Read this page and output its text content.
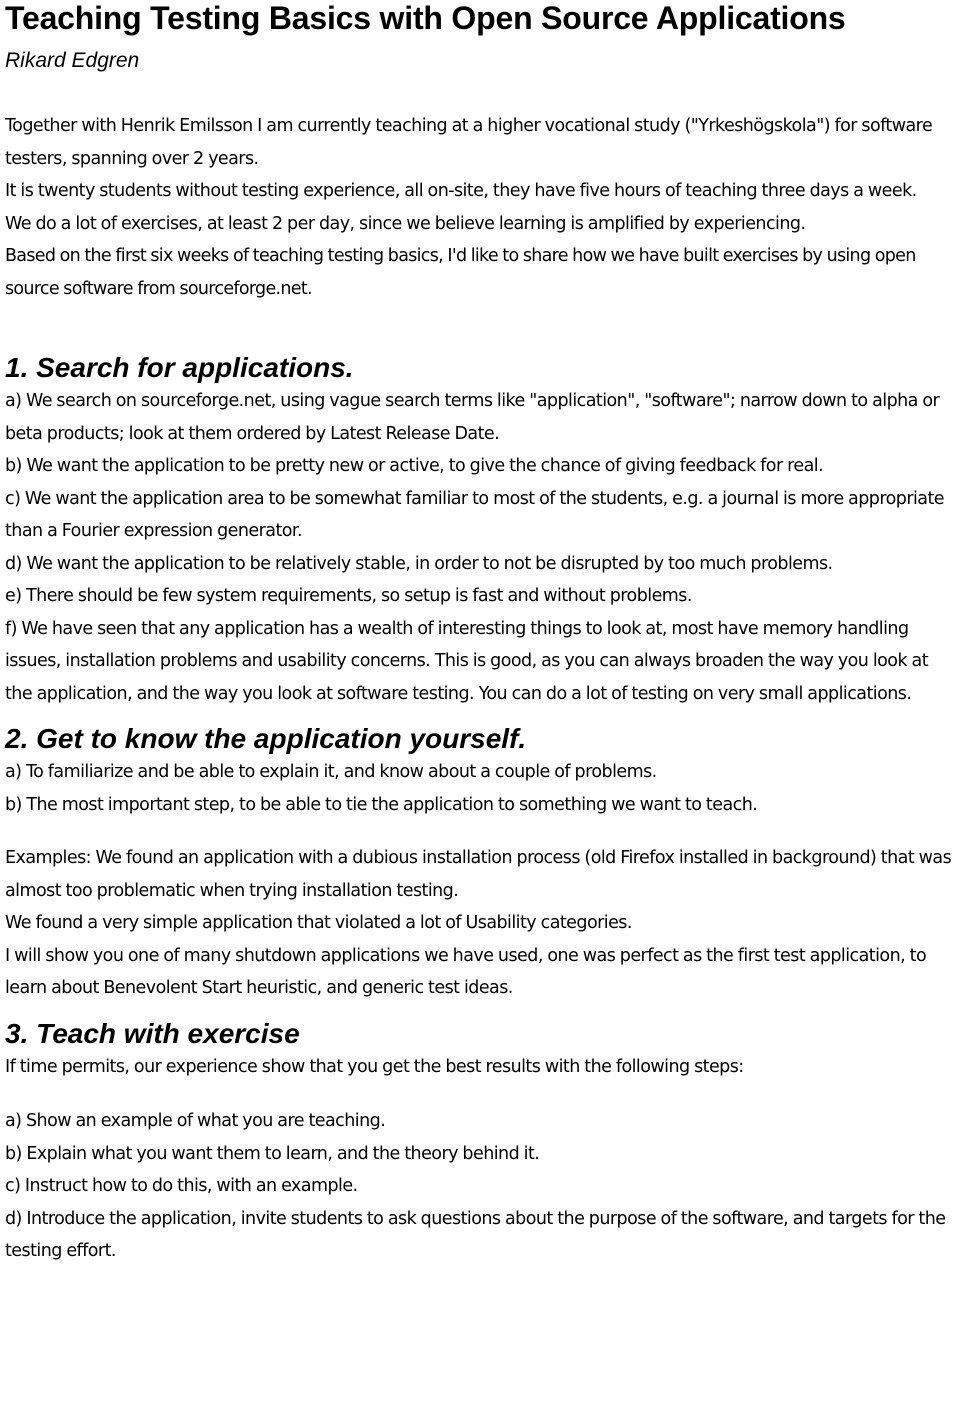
Teaching Testing Basics with Open Source Applications
Rikard Edgren

Together with Henrik Emilsson I am currently teaching at a higher vocational study ("Yrkeshögskola") for software testers, spanning over 2 years.

It is twenty students without testing experience, all on-site, they have five hours of teaching three days a week.

We do a lot of exercises, at least 2 per day, since we believe learning is amplified by experiencing.

Based on the first six weeks of teaching testing basics, I'd like to share how we have built exercises by using open source software from sourceforge.net.

1. Search for applications.

a) We search on sourceforge.net, using vague search terms like "application", "software"; narrow down to alpha or beta products; look at them ordered by Latest Release Date.

b) We want the application to be pretty new or active, to give the chance of giving feedback for real.

c) We want the application area to be somewhat familiar to most of the students, e.g. a journal is more appropriate than a Fourier expression generator.

d) We want the application to be relatively stable, in order to not be disrupted by too much problems.

e) There should be few system requirements, so setup is fast and without problems.

f) We have seen that any application has a wealth of interesting things to look at, most have memory handling issues, installation problems and usability concerns. This is good, as you can always broaden the way you look at the application, and the way you look at software testing. You can do a lot of testing on very small applications.

2. Get to know the application yourself.

a) To familiarize and be able to explain it, and know about a couple of problems.

b) The most important step, to be able to tie the application to something we want to teach.

Examples: We found an application with a dubious installation process (old Firefox installed in background) that was almost too problematic when trying installation testing.

We found a very simple application that violated a lot of Usability categories.

I will show you one of many shutdown applications we have used, one was perfect as the first test application, to learn about Benevolent Start heuristic, and generic test ideas.

3. Teach with exercise

If time permits, our experience show that you get the best results with the following steps:

a) Show an example of what you are teaching.

b) Explain what you want them to learn, and the theory behind it.

c) Instruct how to do this, with an example.

d) Introduce the application, invite students to ask questions about the purpose of the software, and targets for the testing effort.
